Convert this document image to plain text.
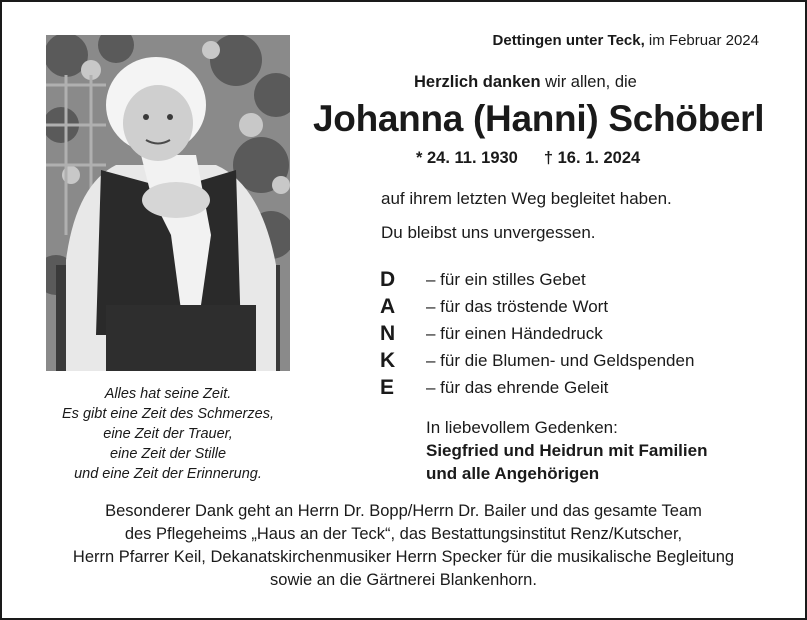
Alles hat seine Zeit.
Es gibt eine Zeit des Schmerzes,
eine Zeit der Trauer,
eine Zeit der Stille
und eine Zeit der Erinnerung.
Dettingen unter Teck, im Februar 2024
Herzlich danken wir allen, die
Johanna (Hanni) Schöberl
* 24. 11. 1930 † 16. 1. 2024
auf ihrem letzten Weg begleitet haben.
Du bleibst uns unvergessen.
D	– für ein stilles Gebet
A	– für das tröstende Wort
N	– für einen Händedruck
K	– für die Blumen- und Geldspenden
E	– für das ehrende Geleit
In liebevollem Gedenken:
Siegfried und Heidrun mit Familien
und alle Angehörigen
Besonderer Dank geht an Herrn Dr. Bopp/Herrn Dr. Bailer und das gesamte Team
des Pflegeheims „Haus an der Teck“, das Bestattungsinstitut Renz/Kutscher,
Herrn Pfarrer Keil, Dekanatskirchenmusiker Herrn Specker für die musikalische Begleitung
sowie an die Gärtnerei Blankenhorn.
